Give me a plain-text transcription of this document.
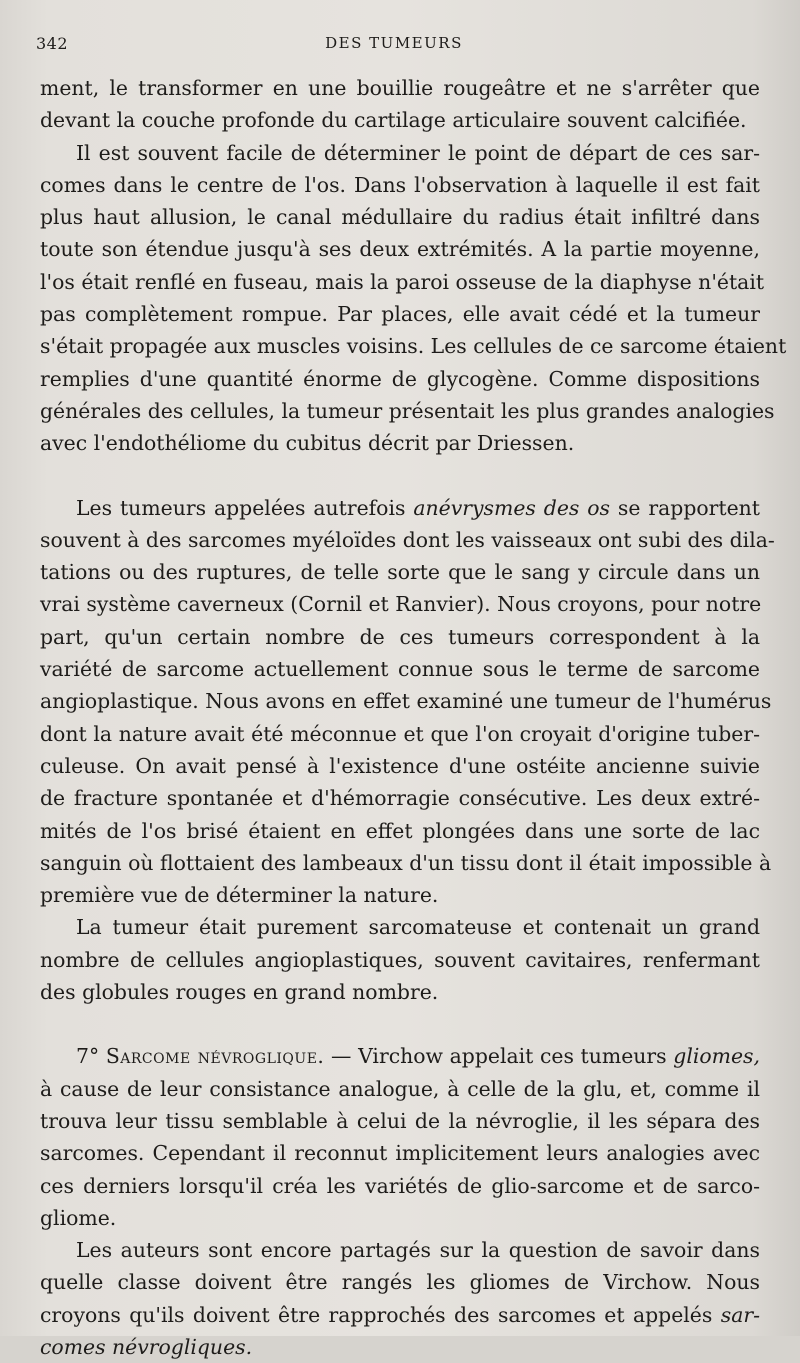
342	DES TUMEURS

ment, le transformer en une bouillie rougeâtre et ne s'arrêter que
devant la couche profonde du cartilage articulaire souvent calcifiée.

Il est souvent facile de déterminer le point de départ de ces sar-
comes dans le centre de l'os. Dans l'observation à laquelle il est fait
plus haut allusion, le canal médullaire du radius était infiltré dans
toute son étendue jusqu'à ses deux extrémités. A la partie moyenne,
l'os était renflé en fuseau, mais la paroi osseuse de la diaphyse n'était
pas complètement rompue. Par places, elle avait cédé et la tumeur
s'était propagée aux muscles voisins. Les cellules de ce sarcome étaient
remplies d'une quantité énorme de glycogène. Comme dispositions
générales des cellules, la tumeur présentait les plus grandes analogies
avec l'endothéliome du cubitus décrit par Driessen.

Les tumeurs appelées autrefois anévrysmes des os se rapportent
souvent à des sarcomes myéloïdes dont les vaisseaux ont subi des dila-
tations ou des ruptures, de telle sorte que le sang y circule dans un
vrai système caverneux (Cornil et Ranvier). Nous croyons, pour notre
part, qu'un certain nombre de ces tumeurs correspondent à la
variété de sarcome actuellement connue sous le terme de sarcome
angioplastique. Nous avons en effet examiné une tumeur de l'humérus
dont la nature avait été méconnue et que l'on croyait d'origine tuber-
culeuse. On avait pensé à l'existence d'une ostéite ancienne suivie
de fracture spontanée et d'hémorragie consécutive. Les deux extré-
mités de l'os brisé étaient en effet plongées dans une sorte de lac
sanguin où flottaient des lambeaux d'un tissu dont il était impossible à
première vue de déterminer la nature.

La tumeur était purement sarcomateuse et contenait un grand
nombre de cellules angioplastiques, souvent cavitaires, renfermant
des globules rouges en grand nombre.

7° Sarcome névroglique. — Virchow appelait ces tumeurs gliomes,
à cause de leur consistance analogue, à celle de la glu, et, comme il
trouva leur tissu semblable à celui de la névroglie, il les sépara des
sarcomes. Cependant il reconnut implicitement leurs analogies avec
ces derniers lorsqu'il créa les variétés de glio-sarcome et de sarco-
gliome.

Les auteurs sont encore partagés sur la question de savoir dans
quelle classe doivent être rangés les gliomes de Virchow. Nous
croyons qu'ils doivent être rapprochés des sarcomes et appelés sar-
comes névrogliques.
